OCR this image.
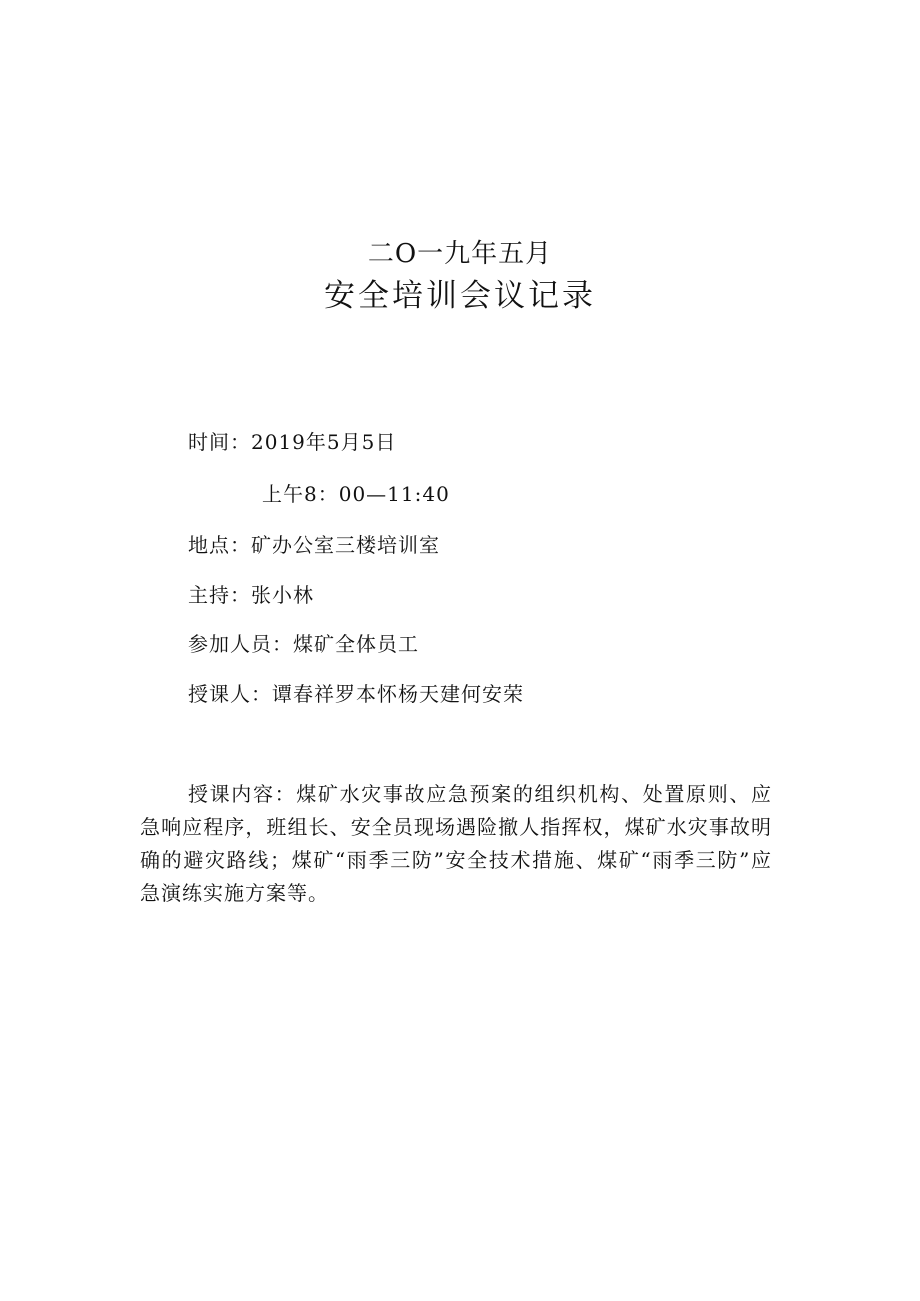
二O一九年五月
安全培训会议记录
时间：2019年5月5日
上午8：00—11:40
地点：矿办公室三楼培训室
主持：张小林
参加人员：煤矿全体员工
授课人：谭春祥罗本怀杨天建何安荣
授课内容：煤矿水灾事故应急预案的组织机构、处置原则、应急响应程序，班组长、安全员现场遇险撤人指挥权，煤矿水灾事故明确的避灾路线；煤矿“雨季三防”安全技术措施、煤矿“雨季三防”应急演练实施方案等。
